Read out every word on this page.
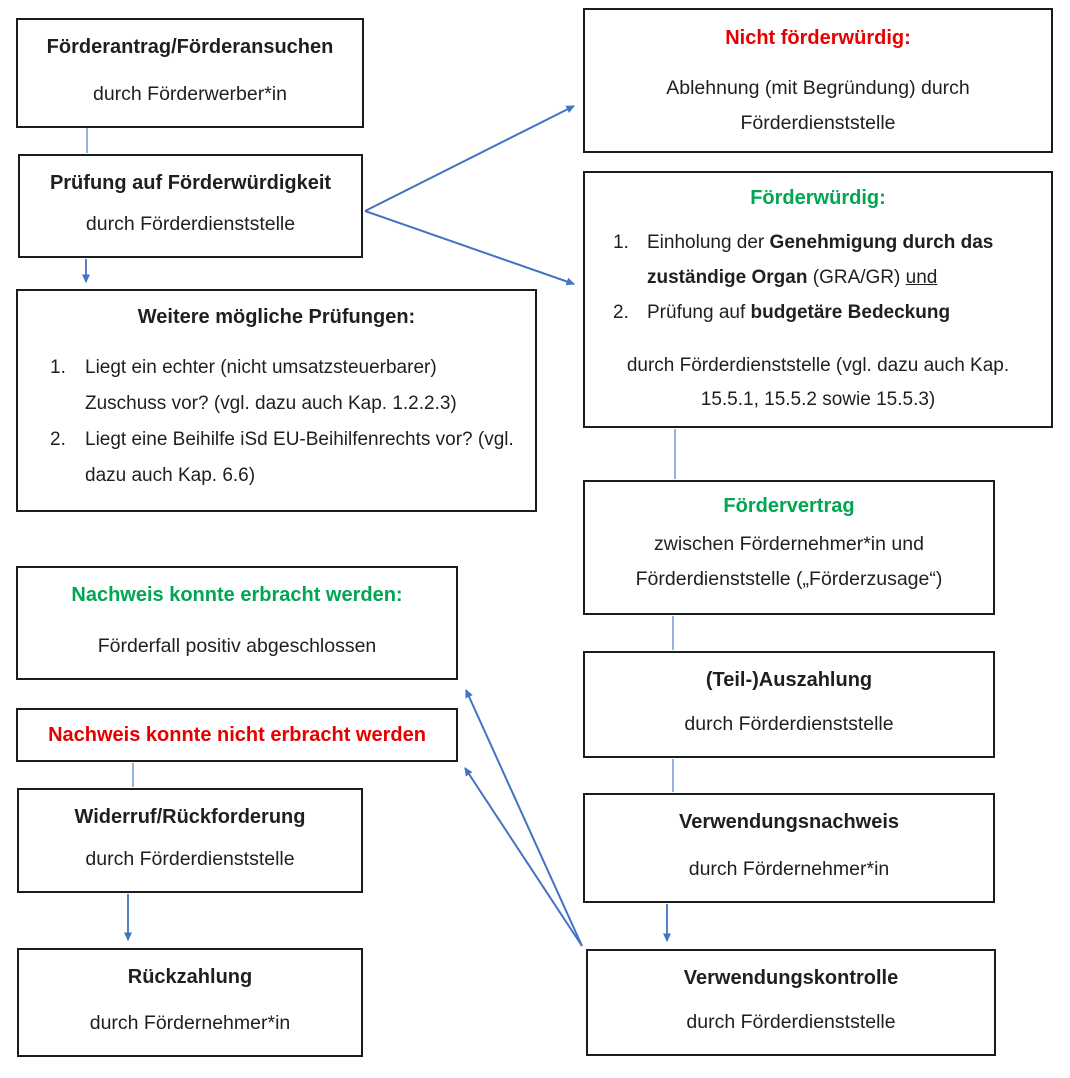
Förderantrag/Förderansuchen
durch Förderwerber*in
Prüfung auf Förderwürdigkeit
durch Förderdienststelle
Weitere mögliche Prüfungen:
1.	Liegt ein echter (nicht umsatzsteuerbarer) Zuschuss vor? (vgl. dazu auch Kap. 1.2.2.3)
2.	Liegt eine Beihilfe iSd EU-Beihilfenrechts vor? (vgl. dazu auch Kap. 6.6)
Nachweis konnte erbracht werden:
Förderfall positiv abgeschlossen
Nachweis konnte nicht erbracht werden
Widerruf/Rückforderung
durch Förderdienststelle
Rückzahlung
durch Fördernehmer*in
Nicht förderwürdig:
Ablehnung (mit Begründung) durch Förderdienststelle
Förderwürdig:
1. Einholung der Genehmigung durch das zuständige Organ (GRA/GR) und
2. Prüfung auf budgetäre Bedeckung
durch Förderdienststelle (vgl. dazu auch Kap. 15.5.1, 15.5.2 sowie 15.5.3)
Fördervertrag
zwischen Fördernehmer*in und Förderdienststelle („Förderzusage“)
(Teil-)Auszahlung
durch Förderdienststelle
Verwendungsnachweis
durch Fördernehmer*in
Verwendungskontrolle
durch Förderdienststelle
